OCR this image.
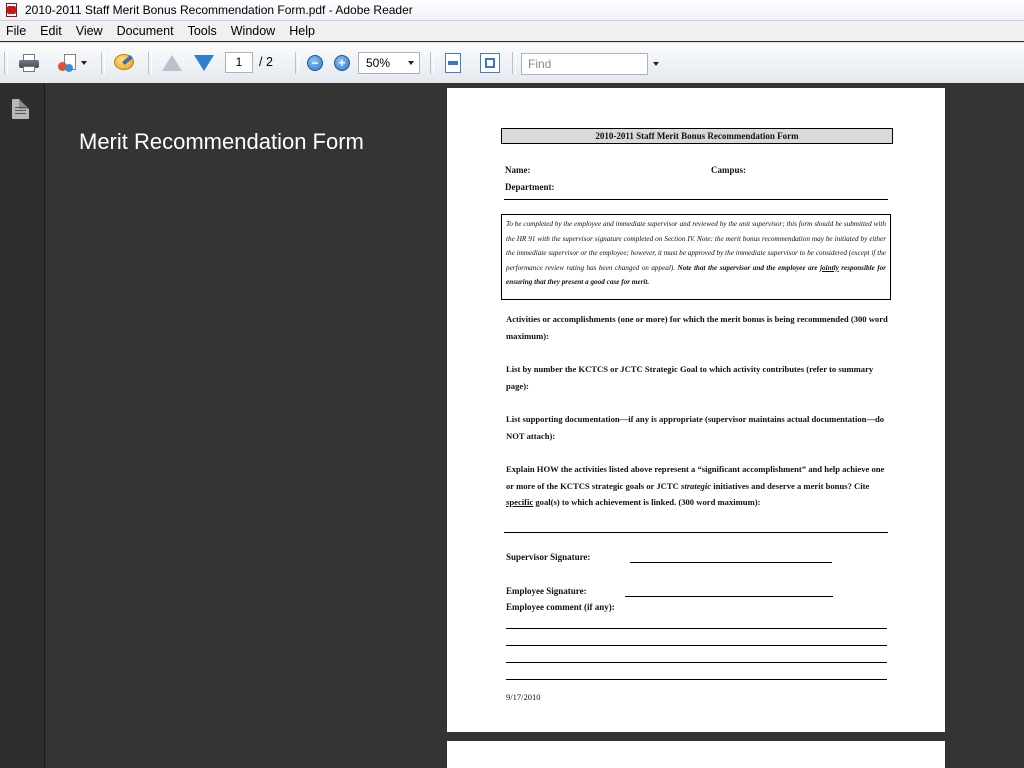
2010-2011 Staff Merit Bonus Recommendation Form.pdf - Adobe Reader
File	Edit	View	Document	Tools	Window	Help
1	/ 2	−	+	50%	Find
Merit Recommendation Form	2010-2011 Staff Merit Bonus Recommendation Form
Name:	Campus:
Department:
To be completed by the employee and immediate supervisor and reviewed by the unit supervisor; this form should be submitted with the HR 91 with the supervisor signature completed on Section IV. Note: the merit bonus recommendation may be initiated by either the immediate supervisor or the employee; however, it must be approved by the immediate supervisor to be considered (except if the performance review rating has been changed on appeal). Note that the supervisor and the employee are jointly responsible for ensuring that they present a good case for merit.
Activities or accomplishments (one or more) for which the merit bonus is being recommended (300 word maximum):
List by number the KCTCS or JCTC Strategic Goal to which activity contributes (refer to summary page):
List supporting documentation—if any is appropriate (supervisor maintains actual documentation—do NOT attach):
Explain HOW the activities listed above represent a “significant accomplishment” and help achieve one or more of the KCTCS strategic goals or JCTC strategic initiatives and deserve a merit bonus? Cite specific goal(s) to which achievement is linked. (300 word maximum):
Supervisor Signature:
Employee Signature:
Employee comment (if any):
9/17/2010
